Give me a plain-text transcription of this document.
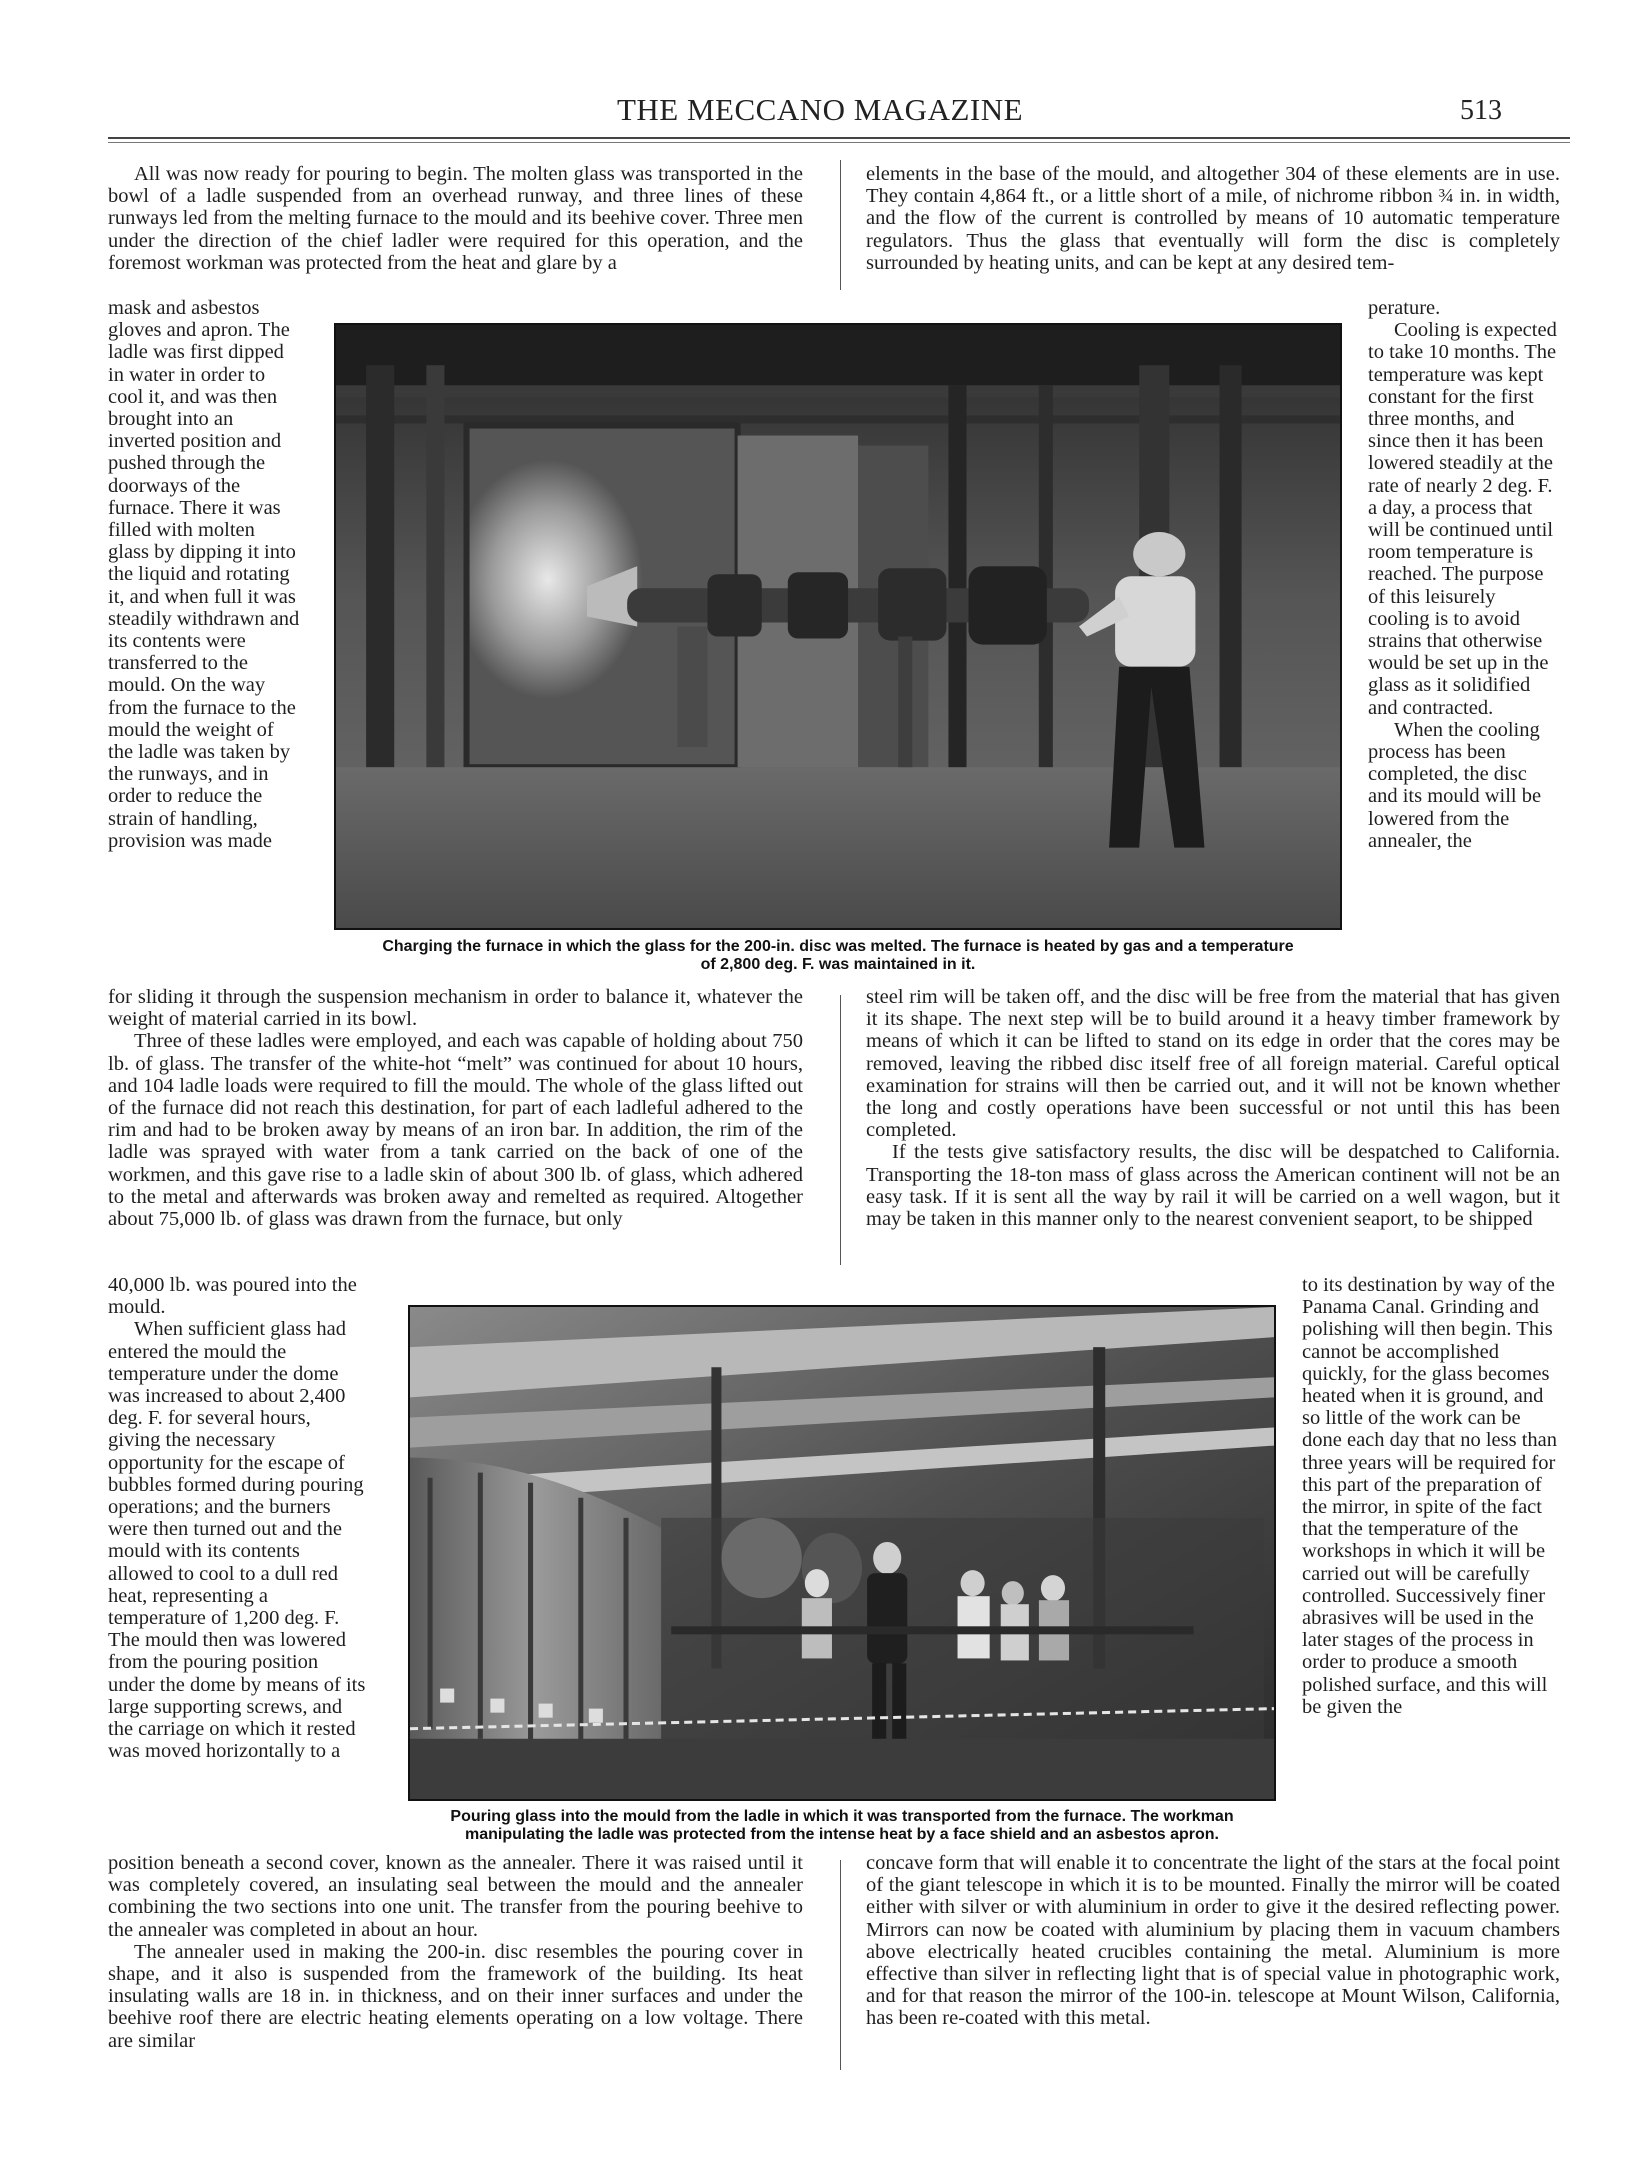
THE MECCANO MAGAZINE	513

All was now ready for pouring to begin. The molten glass was transported in the bowl of a ladle suspended from an overhead runway, and three lines of these runways led from the melting furnace to the mould and its beehive cover. Three men under the direction of the chief ladler were required for this operation, and the foremost workman was protected from the heat and glare by a

mask and asbestos gloves and apron. The ladle was first dipped in water in order to cool it, and was then brought into an inverted position and pushed through the doorways of the furnace. There it was filled with molten glass by dipping it into the liquid and rotating it, and when full it was steadily withdrawn and its contents were transferred to the mould. On the way from the furnace to the mould the weight of the ladle was taken by the runways, and in order to reduce the strain of handling, provision was made

for sliding it through the suspension mechanism in order to balance it, whatever the weight of material carried in its bowl.

Three of these ladles were employed, and each was capable of holding about 750 lb. of glass. The transfer of the white-hot “melt” was continued for about 10 hours, and 104 ladle loads were required to fill the mould. The whole of the glass lifted out of the furnace did not reach this destination, for part of each ladleful adhered to the rim and had to be broken away by means of an iron bar. In addition, the rim of the ladle was sprayed with water from a tank carried on the back of one of the workmen, and this gave rise to a ladle skin of about 300 lb. of glass, which adhered to the metal and afterwards was broken away and remelted as required. Altogether about 75,000 lb. of glass was drawn from the furnace, but only

40,000 lb. was poured into the mould.

When sufficient glass had entered the mould the temperature under the dome was increased to about 2,400 deg. F. for several hours, giving the necessary opportunity for the escape of bubbles formed during pouring operations; and the burners were then turned out and the mould with its contents allowed to cool to a dull red heat, representing a temperature of 1,200 deg. F. The mould then was lowered from the pouring position under the dome by means of its large supporting screws, and the carriage on which it rested was moved horizontally to a

position beneath a second cover, known as the annealer. There it was raised until it was completely covered, an insulating seal between the mould and the annealer combining the two sections into one unit. The transfer from the pouring beehive to the annealer was completed in about an hour.

The annealer used in making the 200-in. disc resembles the pouring cover in shape, and it also is suspended from the framework of the building. Its heat insulating walls are 18 in. in thickness, and on their inner surfaces and under the beehive roof there are electric heating elements operating on a low voltage. There are similar

elements in the base of the mould, and altogether 304 of these elements are in use. They contain 4,864 ft., or a little short of a mile, of nichrome ribbon ¾ in. in width, and the flow of the current is controlled by means of 10 automatic temperature regulators. Thus the glass that eventually will form the disc is completely surrounded by heating units, and can be kept at any desired tem-

perature.

Cooling is expected to take 10 months. The temperature was kept constant for the first three months, and since then it has been lowered steadily at the rate of nearly 2 deg. F. a day, a process that will be continued until room temperature is reached. The purpose of this leisurely cooling is to avoid strains that otherwise would be set up in the glass as it solidified and contracted.

When the cooling process has been completed, the disc and its mould will be lowered from the annealer, the

steel rim will be taken off, and the disc will be free from the material that has given it its shape. The next step will be to build around it a heavy timber framework by means of which it can be lifted to stand on its edge in order that the cores may be removed, leaving the ribbed disc itself free of all foreign material. Careful optical examination for strains will then be carried out, and it will not be known whether the long and costly operations have been successful or not until this has been completed.

If the tests give satisfactory results, the disc will be despatched to California. Transporting the 18-ton mass of glass across the American continent will not be an easy task. If it is sent all the way by rail it will be carried on a well wagon, but it may be taken in this manner only to the nearest convenient seaport, to be shipped

to its destination by way of the Panama Canal. Grinding and polishing will then begin. This cannot be accomplished quickly, for the glass becomes heated when it is ground, and so little of the work can be done each day that no less than three years will be required for this part of the preparation of the mirror, in spite of the fact that the temperature of the workshops in which it will be carried out will be carefully controlled. Successively finer abrasives will be used in the later stages of the process in order to produce a smooth polished surface, and this will be given the

concave form that will enable it to concentrate the light of the stars at the focal point of the giant telescope in which it is to be mounted. Finally the mirror will be coated either with silver or with aluminium in order to give it the desired reflecting power. Mirrors can now be coated with aluminium by placing them in vacuum chambers above electrically heated crucibles containing the metal. Aluminium is more effective than silver in reflecting light that is of special value in photographic work, and for that reason the mirror of the 100-in. telescope at Mount Wilson, California, has been re-coated with this metal.

Charging the furnace in which the glass for the 200-in. disc was melted. The furnace is heated by gas and a temperature
of 2,800 deg. F. was maintained in it.
Pouring glass into the mould from the ladle in which it was transported from the furnace. The workman
manipulating the ladle was protected from the intense heat by a face shield and an asbestos apron.
